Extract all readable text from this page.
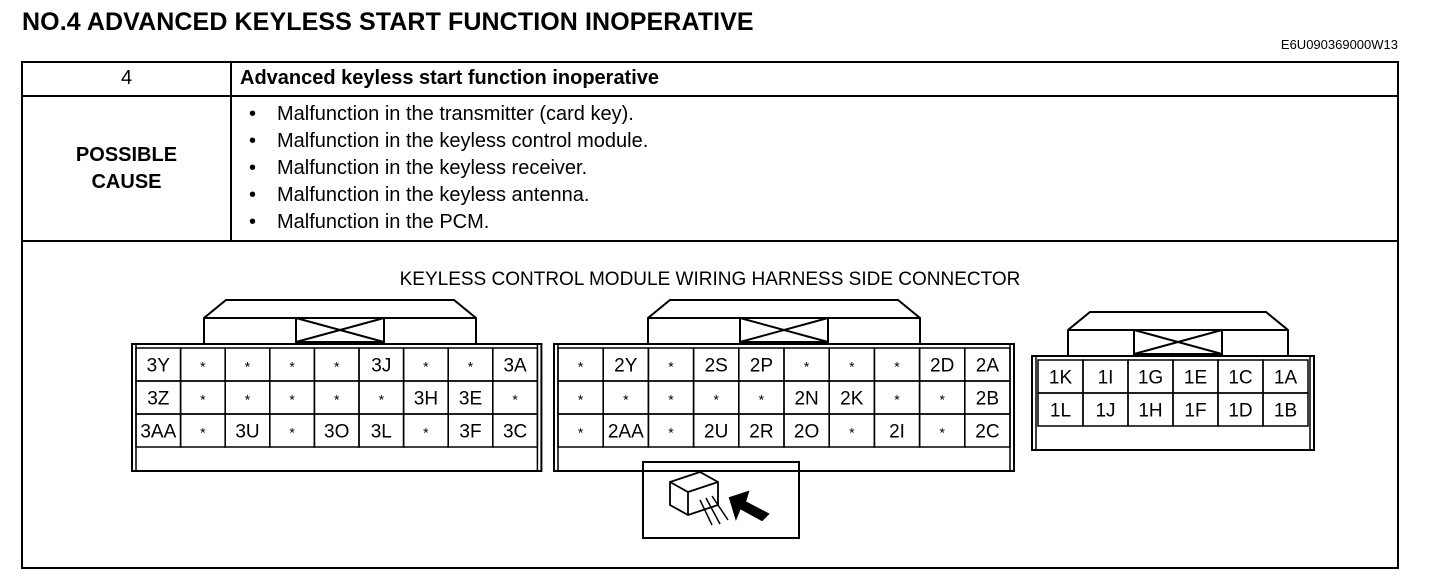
NO.4 ADVANCED KEYLESS START FUNCTION INOPERATIVE
E6U090369000W13
4	Advanced keyless start function inoperative
POSSIBLE
CAUSE
• Malfunction in the transmitter (card key).
• Malfunction in the keyless control module.
• Malfunction in the keyless receiver.
• Malfunction in the keyless antenna.
• Malfunction in the PCM.
KEYLESS CONTROL MODULE WIRING HARNESS SIDE CONNECTOR
3Y *	*	*	* 3J *	* 3A
3Z *	*	*	*	* 3H 3E *
3AA * 3U * 3O 3L * 3F 3C
* 2Y * 2S 2P *	*	* 2D 2A
*	*	*	*	* 2N 2K *	* 2B
* 2AA * 2U 2R 2O * 2I * 2C
1K 1I 1G 1E 1C 1A
1L 1J 1H 1F 1D 1B
